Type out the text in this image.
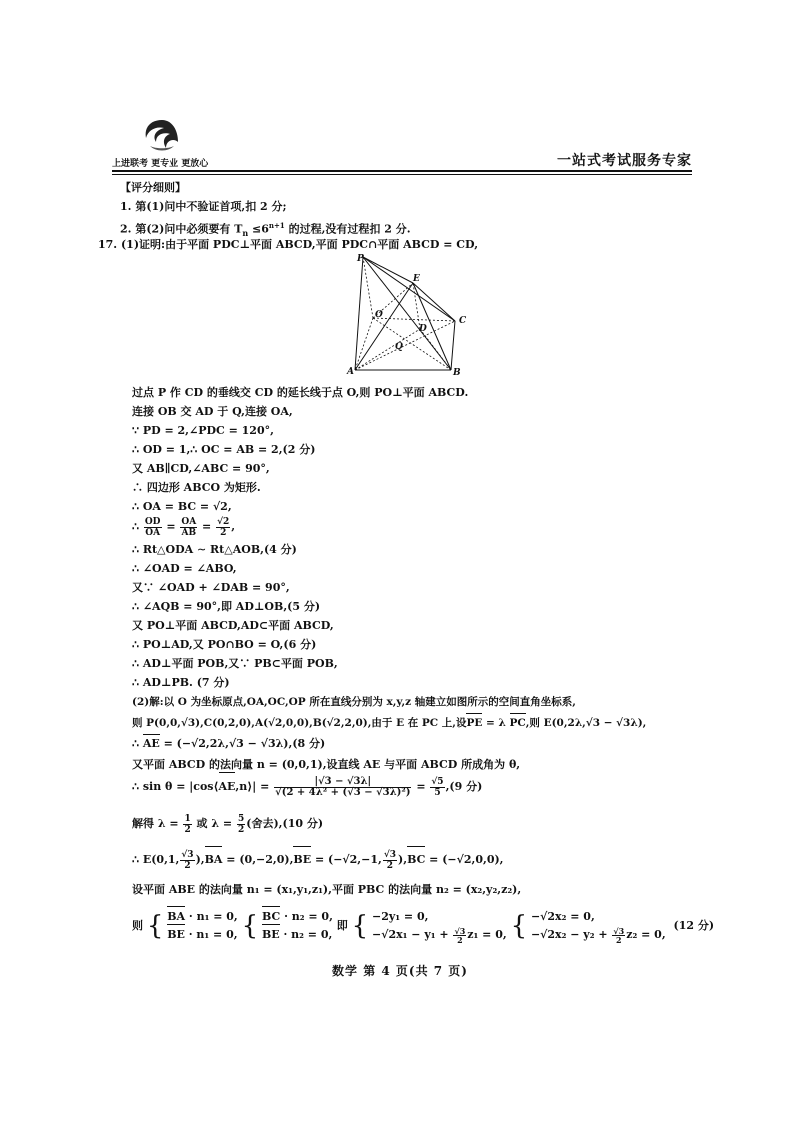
上进联考 更专业 更放心	一站式考试服务专家
【评分细则】
1. 第(1)问中不验证首项,扣 2 分;
2. 第(2)问中必须要有 $T_n \le 6^{n+1}$ 的过程,没有过程扣 2 分.
17. (1)证明:由于平面 PDC⊥平面 ABCD,平面 PDC∩平面 ABCD = CD,
过点 P 作 CD 的垂线交 CD 的延长线于点 O,则 PO⊥平面 ABCD.
连接 OB 交 AD 于 Q,连接 OA,
∵ PD = 2,∠PDC = 120°,
∴ OD = 1,∴ OC = AB = 2,(2 分)
又 AB∥CD,∠ABC = 90°,
∴ 四边形 ABCO 为矩形.
∴ OA = BC = √2,
∴ $\frac{OD}{OA} = \frac{OA}{AB} = \frac{√2}{2}$ ,
∴ Rt△ODA ∼ Rt△AOB,(4 分)
∴ ∠OAD = ∠ABO,
又∵ ∠OAD + ∠DAB = 90°,
∴ ∠AQB = 90°,即 AD⊥OB,(5 分)
又 PO⊥平面 ABCD,AD⊂平面 ABCD,
∴ PO⊥AD,又 PO∩BO = O,(6 分)
∴ AD⊥平面 POB,又∵ PB⊂平面 POB,
∴ AD⊥PB. (7 分)
(2)解:以 O 为坐标原点,OA,OC,OP 所在直线分别为 x,y,z 轴建立如图所示的空间直角坐标系,
则 P(0,0,√3),C(0,2,0),A(√2,0,0),B(√2,2,0),由于 E 在 PC 上,设PE = λ PC,则 E(0,2λ,√3 − √3λ),
∴ AE = (−√2,2λ,√3 − √3λ),(8 分)
又平面 ABCD 的法向量 n = (0,0,1),设直线 AE 与平面 ABCD 所成角为 θ,
∴ sin θ = |cos⟨AE,n⟩| = $\frac{|√3 - √3\lambda|}{\text{√(2 + 4λ² + (√3 − √3λ)²)}} = \frac{√5}{5} ,(9$ 分)
解得 $\lambda = \frac{1}{2}$ 或 $\lambda = \frac{5}{2}$ (舍去),(10 分)
∴ E(0,1, $\frac{√3}{2} ),BA = (0,-2,0),BE = (-√2,-1$, $\frac{√3}{2} ),BC = (-√2,0,0)$,
设平面 ABE 的法向量 n₁ = (x₁,y₁,z₁),平面 PBC 的法向量 n₂ = (x₂,y₂,z₂),
则 { BA · n₁ = 0,
BE · n₁ = 0, { BC · n₂ = 0,
BE · n₂ = 0,
即 { −2y₁ = 0,
$-√2x_1 - y_1 + \frac{√3}{2} z_1 = 0$, { −√2x₂ = 0,
$-√2x_2 - y_2 + \frac{√3}{2} z_2 = 0$,
(12 分)
P
E
O
D
C
Q
A	B
数学 第 4 页(共 7 页)
